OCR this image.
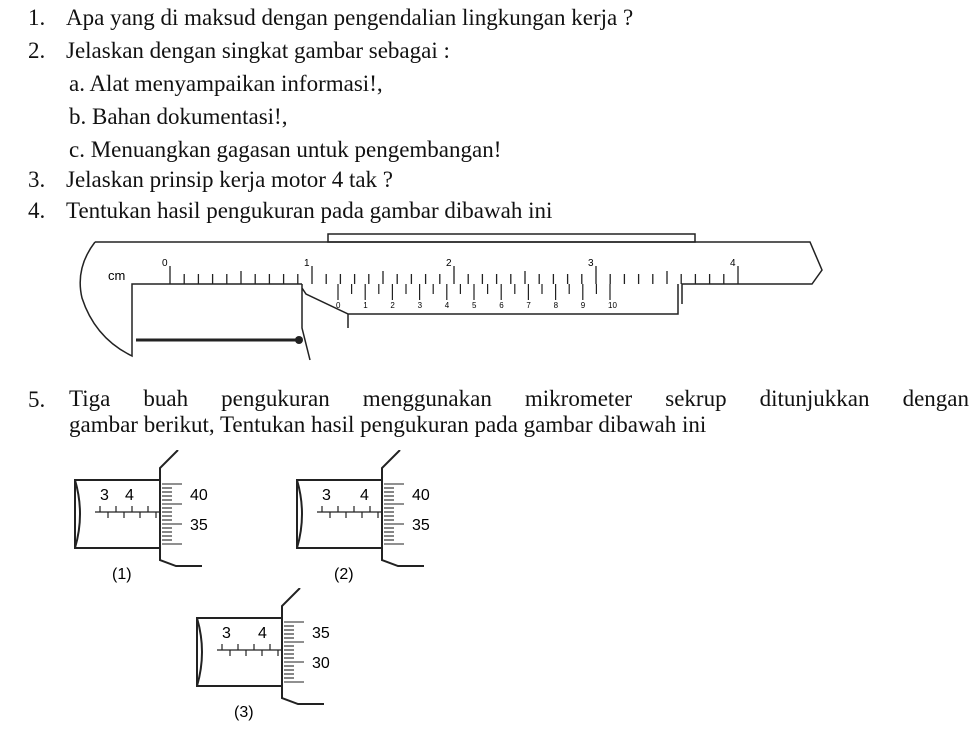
1. Apa yang di maksud dengan pengendalian lingkungan kerja ?
2. Jelaskan dengan singkat gambar sebagai :
a. Alat menyampaikan informasi!,
b. Bahan dokumentasi!,
c. Menuangkan gagasan untuk pengembangan!
3. Jelaskan prinsip kerja motor 4 tak ?
4. Tentukan hasil pengukuran pada gambar dibawah ini
cm
0	1	2	3	4
0	1	2	3	4	5	6	7	8	9	10
5. Tiga buah pengukuran menggunakan mikrometer sekrup ditunjukkan dengan
gambar berikut, Tentukan hasil pengukuran pada gambar dibawah ini
3 4	40
35
(1)
3 4	40
35
(2)
3 4	35
30
(3)
